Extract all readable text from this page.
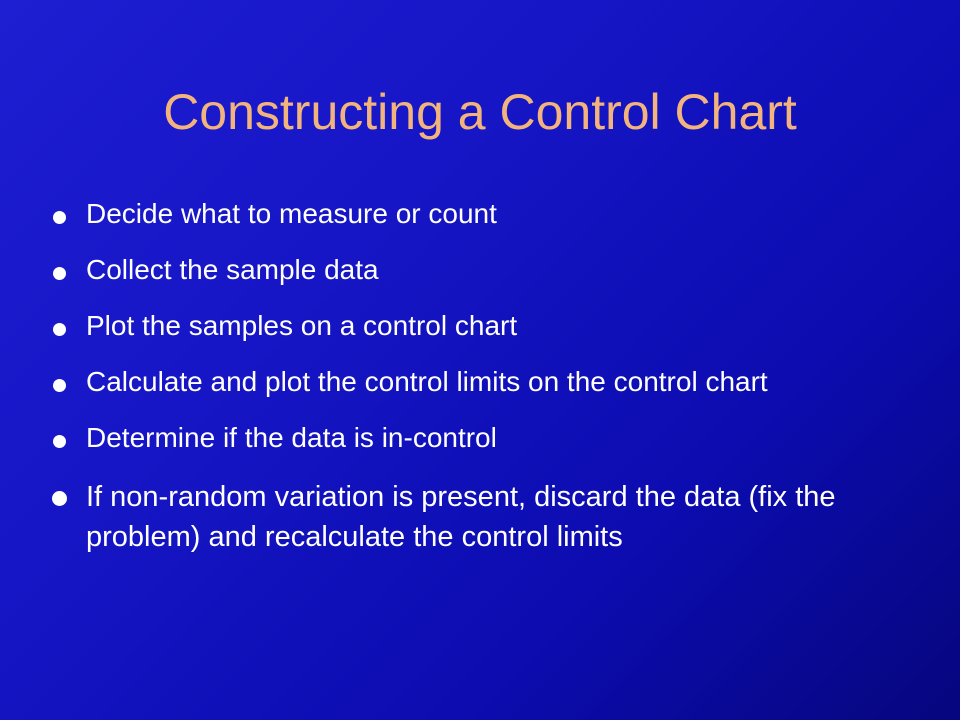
Constructing a Control Chart
Decide what to measure or count
Collect the sample data
Plot the samples on a control chart
Calculate and plot the control limits on the control chart
Determine if the data is in-control
If non-random variation is present, discard the data (fix the problem) and recalculate the control limits
